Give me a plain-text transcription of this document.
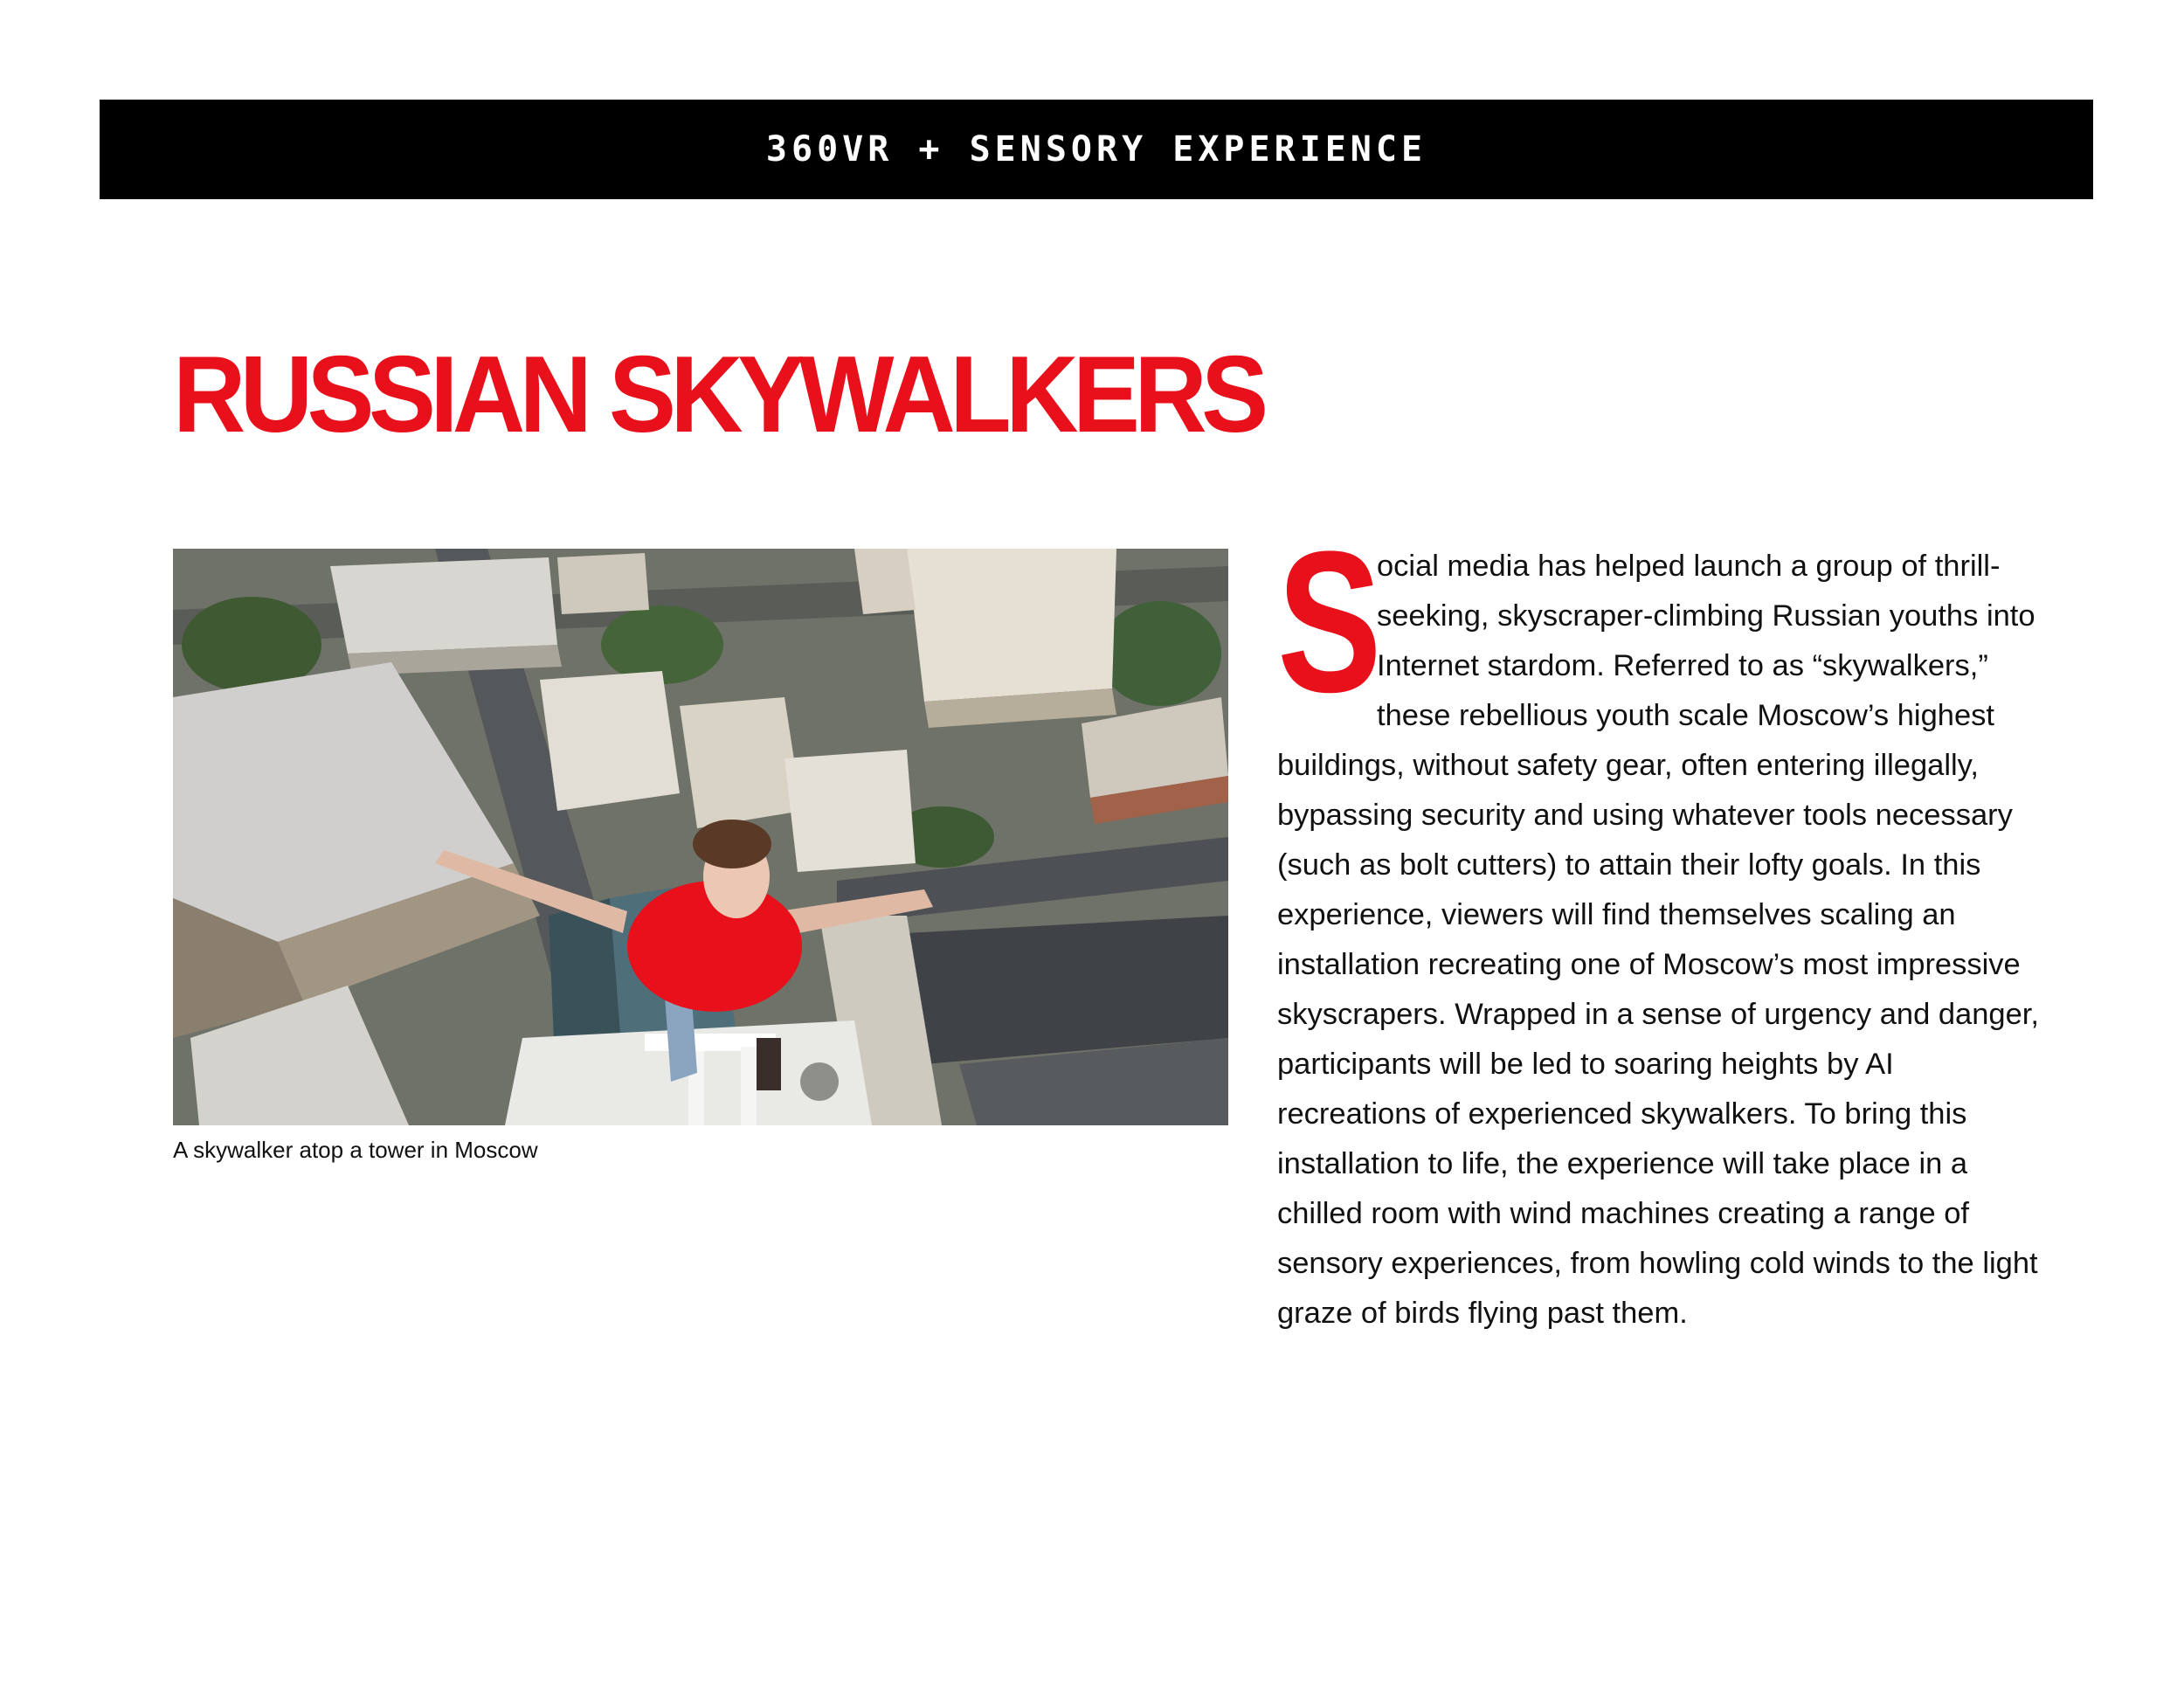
360VR + SENSORY EXPERIENCE
RUSSIAN SKYWALKERS
A skywalker atop a tower in Moscow
S

ocial media has helped launch a group of thrill-seeking, skyscraper-climbing Russian youths into Internet stardom. Referred to as “skywalkers,” these rebellious youth scale Moscow’s highest buildings, without safety gear, often entering illegally, bypassing security and using whatever tools necessary (such as bolt cutters) to attain their lofty goals. In this experience, viewers will find themselves scaling an installation recreating one of Moscow’s most impressive skyscrapers. Wrapped in a sense of urgency and danger, participants will be led to soaring heights by AI recreations of experienced skywalkers. To bring this installation to life, the experience will take place in a chilled room with wind machines creating a range of sensory experiences, from howling cold winds to the light graze of birds flying past them.
